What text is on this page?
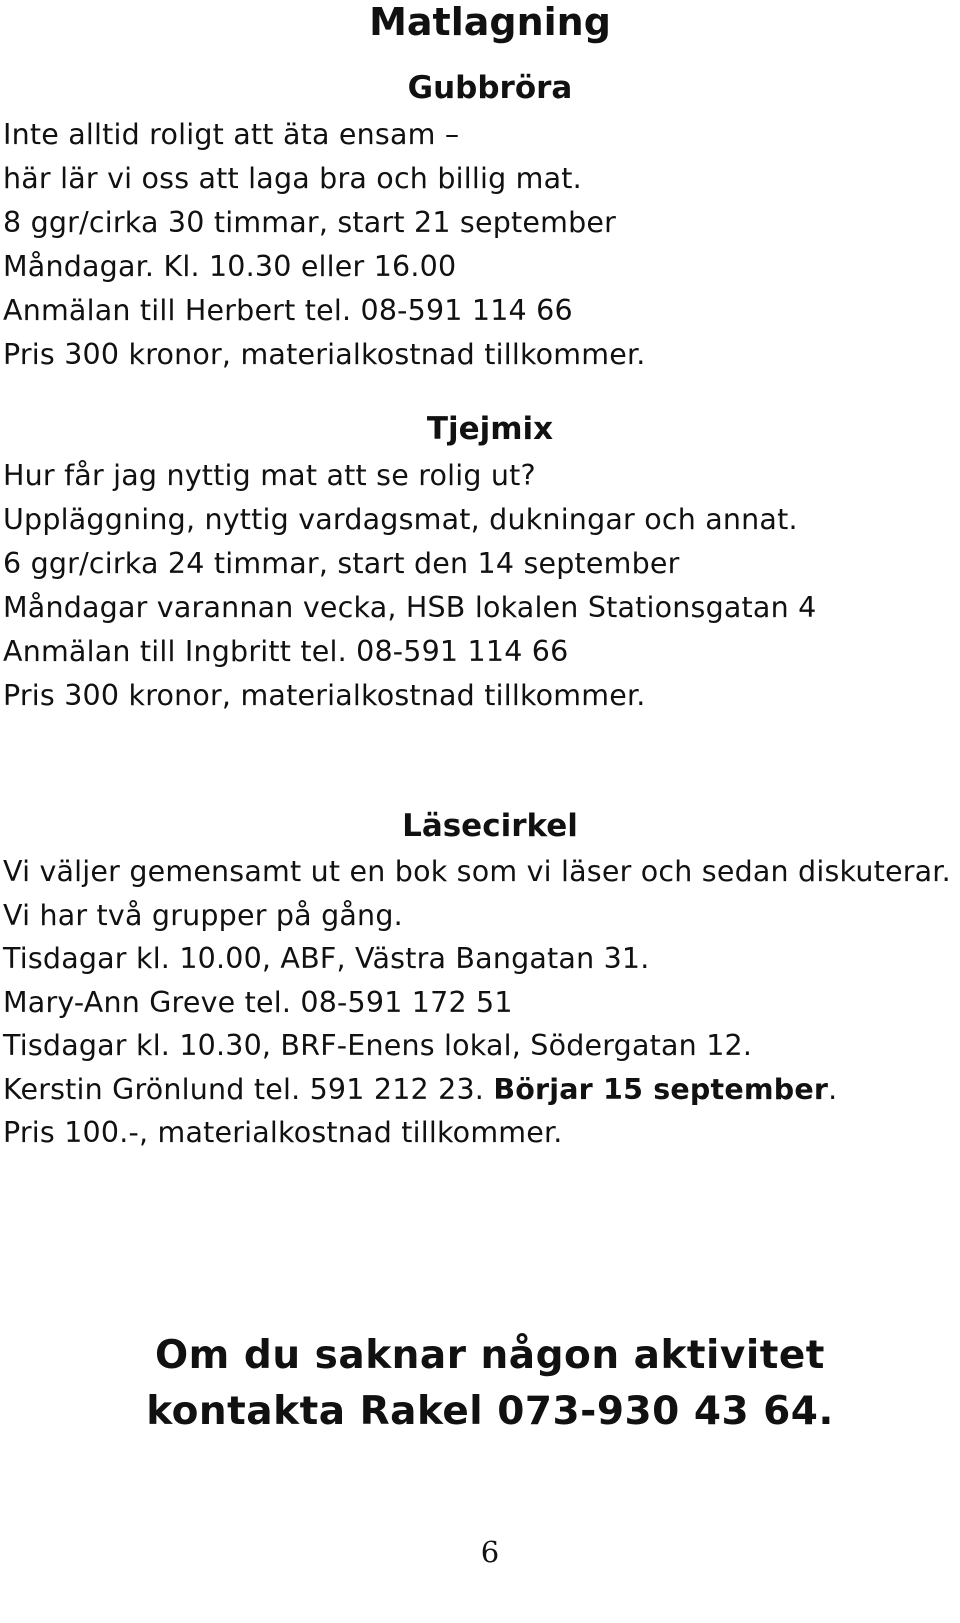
Matlagning
Gubbröra
Inte alltid roligt att äta ensam –
här lär vi oss att laga bra och billig mat.
8 ggr/cirka 30 timmar, start 21 september
Måndagar. Kl. 10.30 eller 16.00
Anmälan till Herbert tel. 08-591 114 66
Pris 300 kronor, materialkostnad tillkommer.
Tjejmix
Hur får jag nyttig mat att se rolig ut?
Uppläggning, nyttig vardagsmat, dukningar och annat.
6 ggr/cirka 24 timmar, start den 14 september
Måndagar varannan vecka, HSB lokalen Stationsgatan 4
Anmälan till Ingbritt tel. 08-591 114 66
Pris 300 kronor, materialkostnad tillkommer.
Läsecirkel
Vi väljer gemensamt ut en bok som vi läser och sedan diskuterar.
Vi har två grupper på gång.
Tisdagar kl. 10.00, ABF, Västra Bangatan 31.
Mary-Ann Greve tel. 08-591 172 51
Tisdagar kl. 10.30, BRF-Enens lokal, Södergatan 12.
Kerstin Grönlund tel. 591 212 23. Börjar 15 september.
Pris 100.-, materialkostnad tillkommer.
Om du saknar någon aktivitet
kontakta Rakel 073-930 43 64.
6
